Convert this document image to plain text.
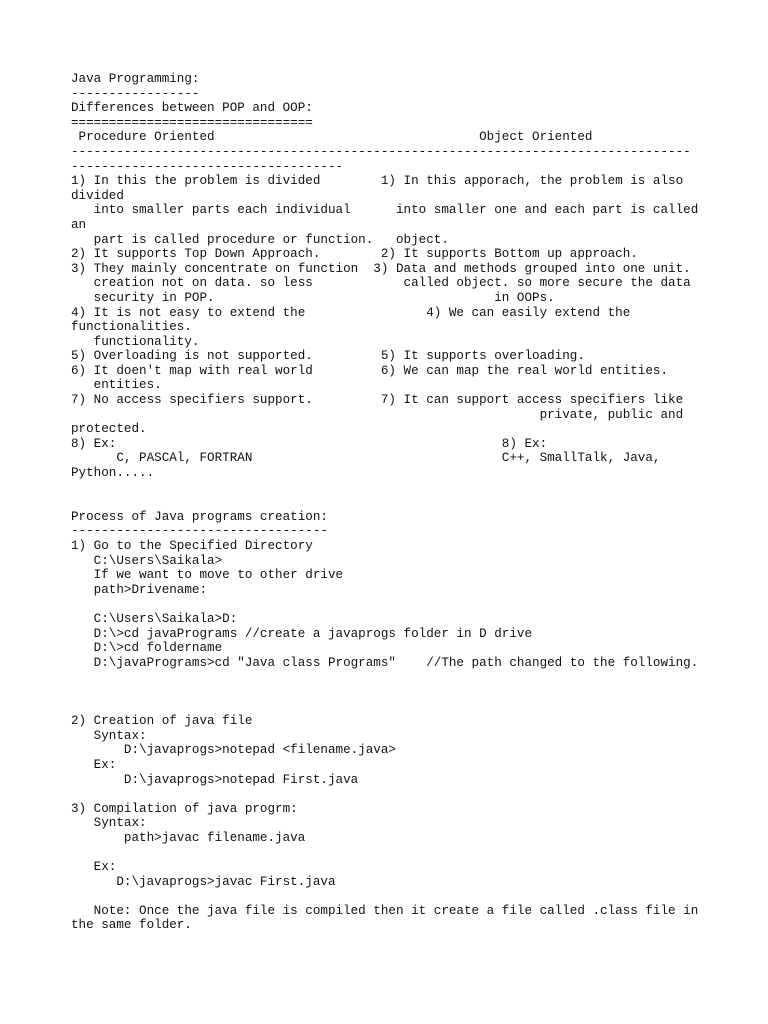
Java Programming:
-----------------
Differences between POP and OOP:
================================
Procedure Oriented                                   Object Oriented
----------------------------------------------------------------------------------
------------------------------------
1) In this the problem is divided        1) In this apporach, the problem is also
divided
into smaller parts each individual      into smaller one and each part is called
an
part is called procedure or function.   object.
2) It supports Top Down Approach.        2) It supports Bottom up approach.
3) They mainly concentrate on function  3) Data and methods grouped into one unit.
creation not on data. so less            called object. so more secure the data
security in POP.                                     in OOPs.
4) It is not easy to extend the                4) We can easily extend the
functionalities.
functionality.
5) Overloading is not supported.         5) It supports overloading.
6) It doen't map with real world         6) We can map the real world entities.
entities.
7) No access specifiers support.         7) It can support access specifiers like
private, public and
protected.
8) Ex:                                                   8) Ex:
C, PASCAl, FORTRAN                                 C++, SmallTalk, Java,
Python.....
Process of Java programs creation:
----------------------------------
1) Go to the Specified Directory
C:\Users\Saikala>
If we want to move to other drive
path>Drivename:
C:\Users\Saikala>D:
D:\>cd javaPrograms //create a javaprogs folder in D drive
D:\>cd foldername
D:\javaPrograms>cd "Java class Programs"    //The path changed to the following.
2) Creation of java file
Syntax:
D:\javaprogs>notepad <filename.java>
Ex:
D:\javaprogs>notepad First.java
3) Compilation of java progrm:
Syntax:
path>javac filename.java
Ex:
D:\javaprogs>javac First.java
Note: Once the java file is compiled then it create a file called .class file in
the same folder.
